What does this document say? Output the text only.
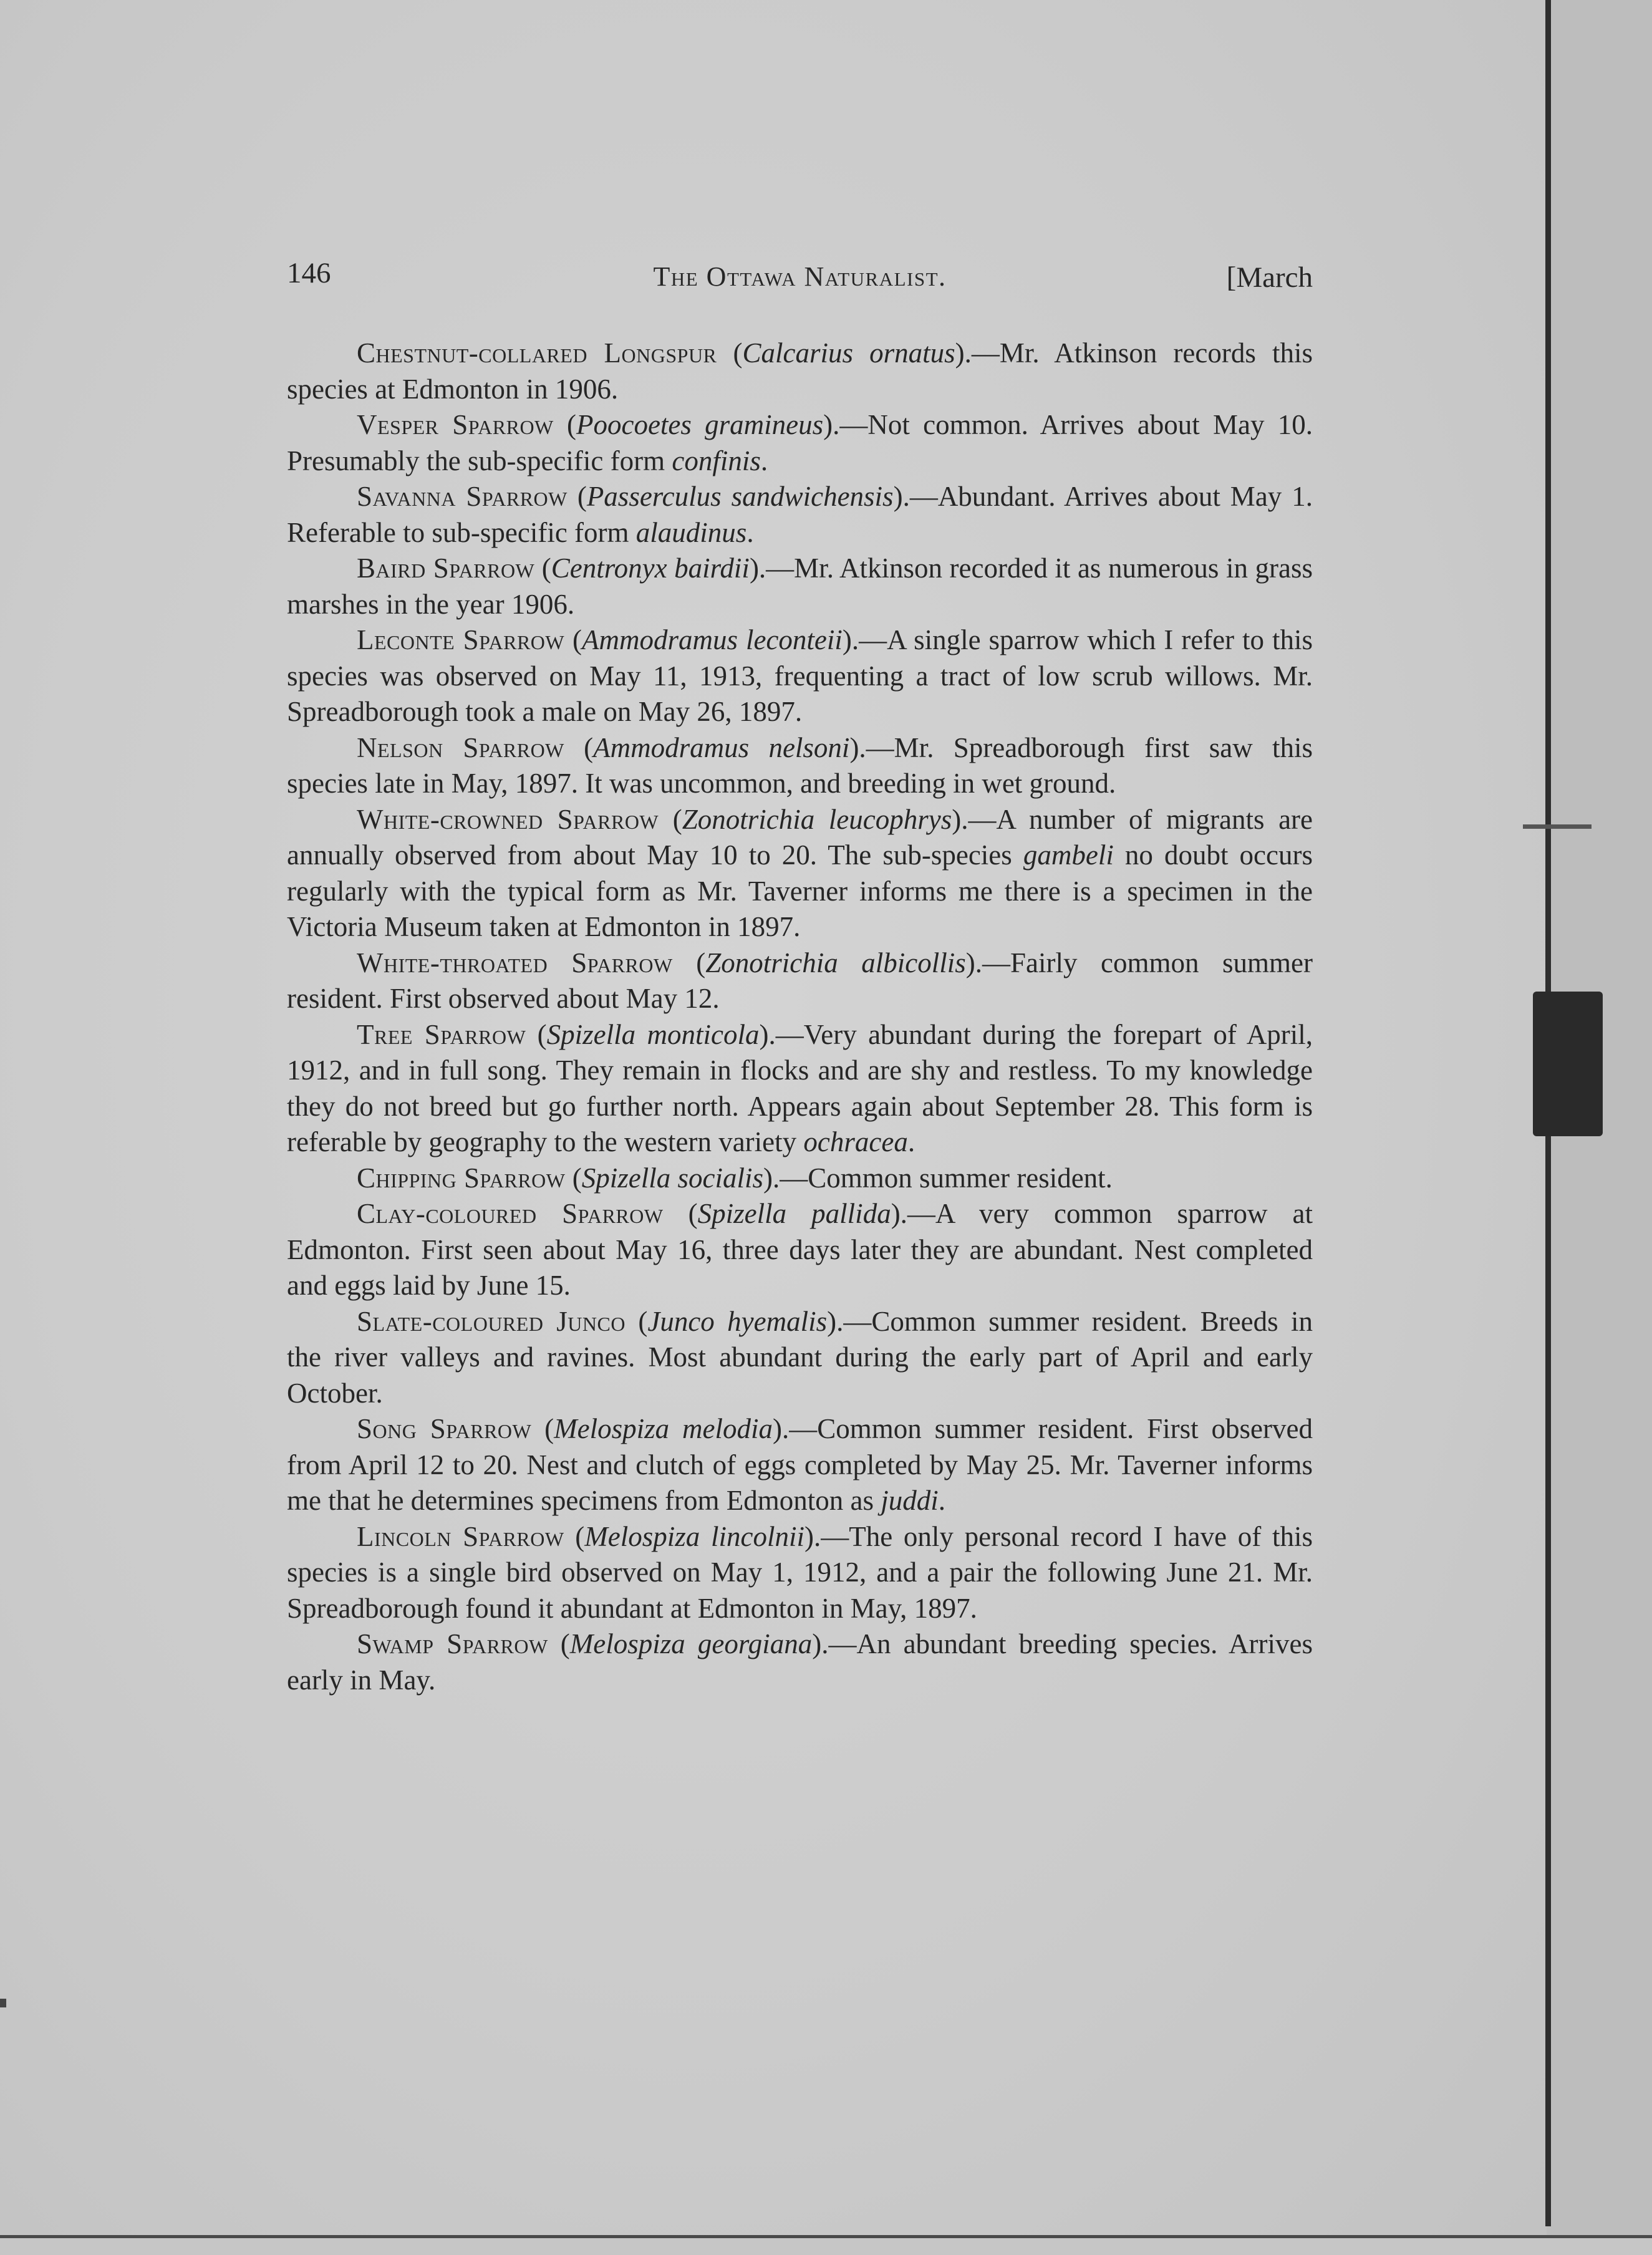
146	The Ottawa Naturalist.	[March

Chestnut-collared Longspur (Calcarius ornatus).—Mr. Atkinson records this species at Edmonton in 1906.

Vesper Sparrow (Poocoetes gramineus).—Not common. Arrives about May 10. Presumably the sub-specific form confinis.

Savanna Sparrow (Passerculus sandwichensis).—Abundant. Arrives about May 1. Referable to sub-specific form alaudinus.

Baird Sparrow (Centronyx bairdii).—Mr. Atkinson recorded it as numerous in grass marshes in the year 1906.

Leconte Sparrow (Ammodramus leconteii).—A single sparrow which I refer to this species was observed on May 11, 1913, frequenting a tract of low scrub willows. Mr. Spreadborough took a male on May 26, 1897.

Nelson Sparrow (Ammodramus nelsoni).—Mr. Spreadborough first saw this species late in May, 1897. It was uncommon, and breeding in wet ground.

White-crowned Sparrow (Zonotrichia leucophrys).—A number of migrants are annually observed from about May 10 to 20. The sub-species gambeli no doubt occurs regularly with the typical form as Mr. Taverner informs me there is a specimen in the Victoria Museum taken at Edmonton in 1897.

White-throated Sparrow (Zonotrichia albicollis).—Fairly common summer resident. First observed about May 12.

Tree Sparrow (Spizella monticola).—Very abundant during the forepart of April, 1912, and in full song. They remain in flocks and are shy and restless. To my knowledge they do not breed but go further north. Appears again about September 28. This form is referable by geography to the western variety ochracea.

Chipping Sparrow (Spizella socialis).—Common summer resident.

Clay-coloured Sparrow (Spizella pallida).—A very common sparrow at Edmonton. First seen about May 16, three days later they are abundant. Nest completed and eggs laid by June 15.

Slate-coloured Junco (Junco hyemalis).—Common summer resident. Breeds in the river valleys and ravines. Most abundant during the early part of April and early October.

Song Sparrow (Melospiza melodia).—Common summer resident. First observed from April 12 to 20. Nest and clutch of eggs completed by May 25. Mr. Taverner informs me that he determines specimens from Edmonton as juddi.

Lincoln Sparrow (Melospiza lincolnii).—The only personal record I have of this species is a single bird observed on May 1, 1912, and a pair the following June 21. Mr. Spreadborough found it abundant at Edmonton in May, 1897.

Swamp Sparrow (Melospiza georgiana).—An abundant breeding species. Arrives early in May.
